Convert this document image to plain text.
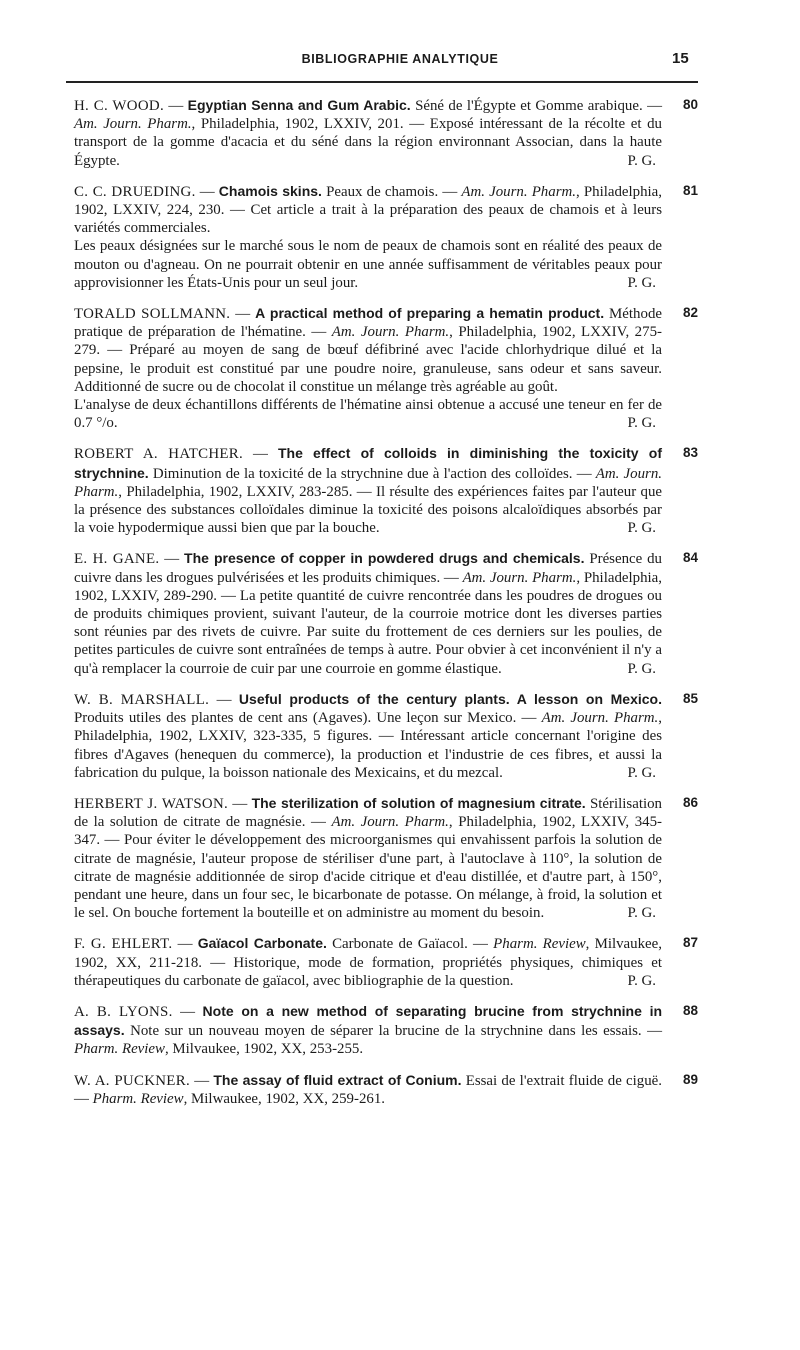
BIBLIOGRAPHIE ANALYTIQUE	15
80

H. C. WOOD. — Egyptian Senna and Gum Arabic. Séné de l'Égypte et Gomme arabique. — Am. Journ. Pharm., Philadelphia, 1902, LXXIV, 201. — Exposé intéressant de la récolte et du transport de la gomme d'acacia et du séné dans la région environnant Associan, dans la haute Égypte.	P. G.

81

C. C. DRUEDING. — Chamois skins. Peaux de chamois. — Am. Journ. Pharm., Philadelphia, 1902, LXXIV, 224, 230. — Cet article a trait à la préparation des peaux de chamois et à leurs variétés commerciales.

Les peaux désignées sur le marché sous le nom de peaux de chamois sont en réalité des peaux de mouton ou d'agneau. On ne pourrait obtenir en une année suffisamment de véritables peaux pour approvisionner les États-Unis pour un seul jour.	P. G.

82

TORALD SOLLMANN. — A practical method of preparing a hematin product. Méthode pratique de préparation de l'hématine. — Am. Journ. Pharm., Philadelphia, 1902, LXXIV, 275-279. — Préparé au moyen de sang de bœuf défibriné avec l'acide chlorhydrique dilué et la pepsine, le produit est constitué par une poudre noire, granuleuse, sans odeur et sans saveur. Additionné de sucre ou de chocolat il constitue un mélange très agréable au goût.

L'analyse de deux échantillons différents de l'hématine ainsi obtenue a accusé une teneur en fer de 0.7 °/o.	P. G.

83

ROBERT A. HATCHER. — The effect of colloids in diminishing the toxicity of strychnine. Diminution de la toxicité de la strychnine due à l'action des colloïdes. — Am. Journ. Pharm., Philadelphia, 1902, LXXIV, 283-285. — Il résulte des expériences faites par l'auteur que la présence des substances colloïdales diminue la toxicité des poisons alcaloïdiques absorbés par la voie hypodermique aussi bien que par la bouche.	P. G.

84

E. H. GANE. — The presence of copper in powdered drugs and chemicals. Présence du cuivre dans les drogues pulvérisées et les produits chimiques. — Am. Journ. Pharm., Philadelphia, 1902, LXXIV, 289-290. — La petite quantité de cuivre rencontrée dans les poudres de drogues ou de produits chimiques provient, suivant l'auteur, de la courroie motrice dont les diverses parties sont réunies par des rivets de cuivre. Par suite du frottement de ces derniers sur les poulies, de petites particules de cuivre sont entraînées de temps à autre. Pour obvier à cet inconvénient il n'y a qu'à remplacer la courroie de cuir par une courroie en gomme élastique.	P. G.

85

W. B. MARSHALL. — Useful products of the century plants. A lesson on Mexico. Produits utiles des plantes de cent ans (Agaves). Une leçon sur Mexico. — Am. Journ. Pharm., Philadelphia, 1902, LXXIV, 323-335, 5 figures. — Intéressant article concernant l'origine des fibres d'Agaves (henequen du commerce), la production et l'industrie de ces fibres, et aussi la fabrication du pulque, la boisson nationale des Mexicains, et du mezcal.	P. G.

86

HERBERT J. WATSON. — The sterilization of solution of magnesium citrate. Stérilisation de la solution de citrate de magnésie. — Am. Journ. Pharm., Philadelphia, 1902, LXXIV, 345-347. — Pour éviter le développement des microorganismes qui envahissent parfois la solution de citrate de magnésie, l'auteur propose de stériliser d'une part, à l'autoclave à 110°, la solution de citrate de magnésie additionnée de sirop d'acide citrique et d'eau distillée, et d'autre part, à 150°, pendant une heure, dans un four sec, le bicarbonate de potasse. On mélange, à froid, la solution et le sel. On bouche fortement la bouteille et on administre au moment du besoin.	P. G.

87

F. G. EHLERT. — Gaïacol Carbonate. Carbonate de Gaïacol. — Pharm. Review, Milvaukee, 1902, XX, 211-218. — Historique, mode de formation, propriétés physiques, chimiques et thérapeutiques du carbonate de gaïacol, avec bibliographie de la question.	P. G.

88

A. B. LYONS. — Note on a new method of separating brucine from strychnine in assays. Note sur un nouveau moyen de séparer la brucine de la strychnine dans les essais. — Pharm. Review, Milvaukee, 1902, XX, 253-255.

89

W. A. PUCKNER. — The assay of fluid extract of Conium. Essai de l'extrait fluide de ciguë. — Pharm. Review, Milwaukee, 1902, XX, 259-261.
